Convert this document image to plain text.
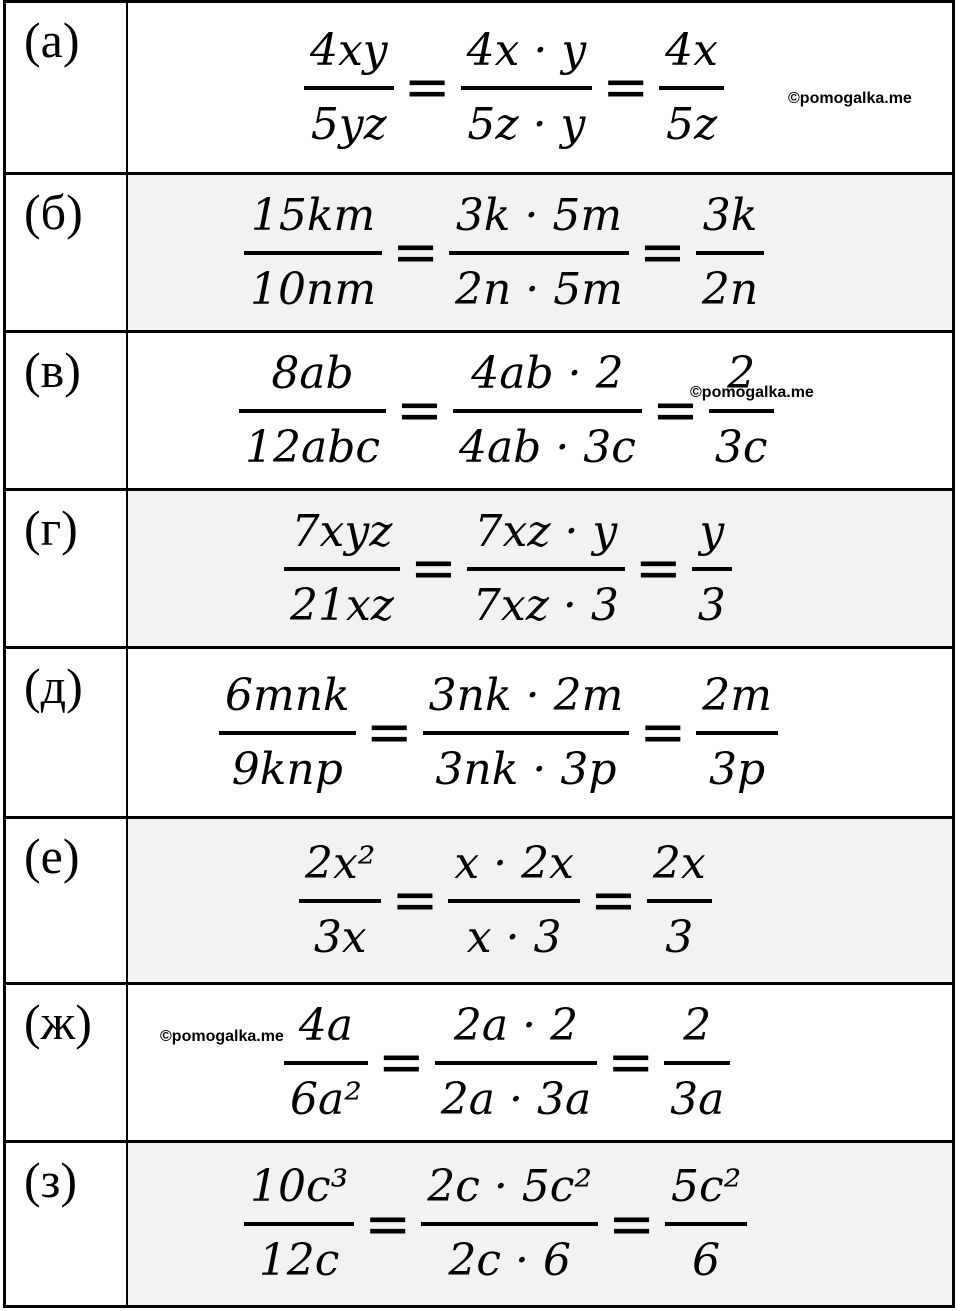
(а)	$\frac{4xy}{5yz} = \frac{4x \cdot y}{5z \cdot y} = \frac{4x}{5z}$
(б)	$\frac{15km}{10nm} = \frac{3k \cdot 5m}{2n \cdot 5m} = \frac{3k}{2n}$
(в)	$\frac{8ab}{\text{12abc}} = \frac{4ab \cdot 2}{4ab \cdot 3c} = \frac{2}{3c}$
(г)	$\frac{\text{7xyz}}{21xz} = \frac{7xz \cdot y}{7xz \cdot 3} = \frac{y}{3}$
(д)	$\frac{\text{6mnk}}{\text{9knp}} = \frac{3nk \cdot 2m}{3nk \cdot 3p} = \frac{2m}{3p}$
(е)	$\frac{\text{2x²}}{3x} = \frac{x \cdot 2x}{x \cdot 3} = \frac{2x}{3}$
(ж)	$\frac{4a}{\text{6a²}} = \frac{2a \cdot 2}{2a \cdot 3a} = \frac{2}{3a}$
(з)	$\frac{\text{10c³}}{12c} = \frac{\text{2c · 5c²}}{2c \cdot 6} = \frac{\text{5c²}}{6}$
©pomogalka.me
©pomogalka.me
©pomogalka.me
